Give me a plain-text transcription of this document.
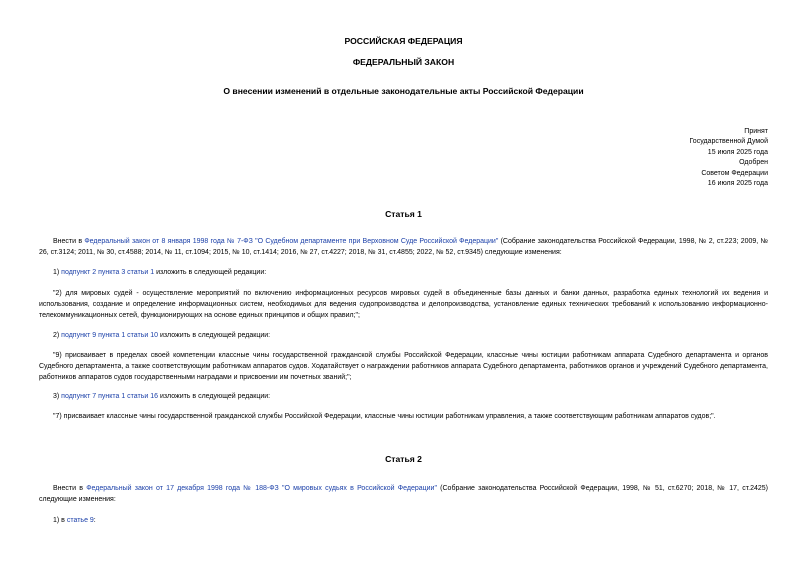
РОССИЙСКАЯ ФЕДЕРАЦИЯ
ФЕДЕРАЛЬНЫЙ ЗАКОН
О внесении изменений в отдельные законодательные акты Российской Федерации
Принят
Государственной Думой
15 июля 2025 года
Одобрен
Советом Федерации
16 июля 2025 года
Статья 1
Внести в Федеральный закон от 8 января 1998 года № 7-ФЗ "О Судебном департаменте при Верховном Суде Российской Федерации" (Собрание законодательства Российской Федерации, 1998, № 2, ст.223; 2009, № 26, ст.3124; 2011, № 30, ст.4588; 2014, № 11, ст.1094; 2015, № 10, ст.1414; 2016, № 27, ст.4227; 2018, № 31, ст.4855; 2022, № 52, ст.9345) следующие изменения:
1) подпункт 2 пункта 3 статьи 1 изложить в следующей редакции:
"2) для мировых судей - осуществление мероприятий по включению информационных ресурсов мировых судей в объединенные базы данных и банки данных, разработка единых технологий их ведения и использования, создание и определение информационных систем, необходимых для ведения судопроизводства и делопроизводства, установление единых технических требований к использованию информационно-телекоммуникационных сетей, функционирующих на основе единых принципов и общих правил;";
2) подпункт 9 пункта 1 статьи 10 изложить в следующей редакции:
"9) присваивает в пределах своей компетенции классные чины государственной гражданской службы Российской Федерации, классные чины юстиции работникам аппарата Судебного департамента и органов Судебного департамента, а также соответствующим работникам аппаратов судов. Ходатайствует о награждении работников аппарата Судебного департамента, работников органов и учреждений Судебного департамента, работников аппаратов судов государственными наградами и присвоении им почетных званий;";
3) подпункт 7 пункта 1 статьи 16 изложить в следующей редакции:
"7) присваивает классные чины государственной гражданской службы Российской Федерации, классные чины юстиции работникам управления, а также соответствующим работникам аппаратов судов;".
Статья 2
Внести в Федеральный закон от 17 декабря 1998 года № 188-ФЗ "О мировых судьях в Российской Федерации" (Собрание законодательства Российской Федерации, 1998, № 51, ст.6270; 2018, № 17, ст.2425) следующие изменения:
1) в статье 9:
